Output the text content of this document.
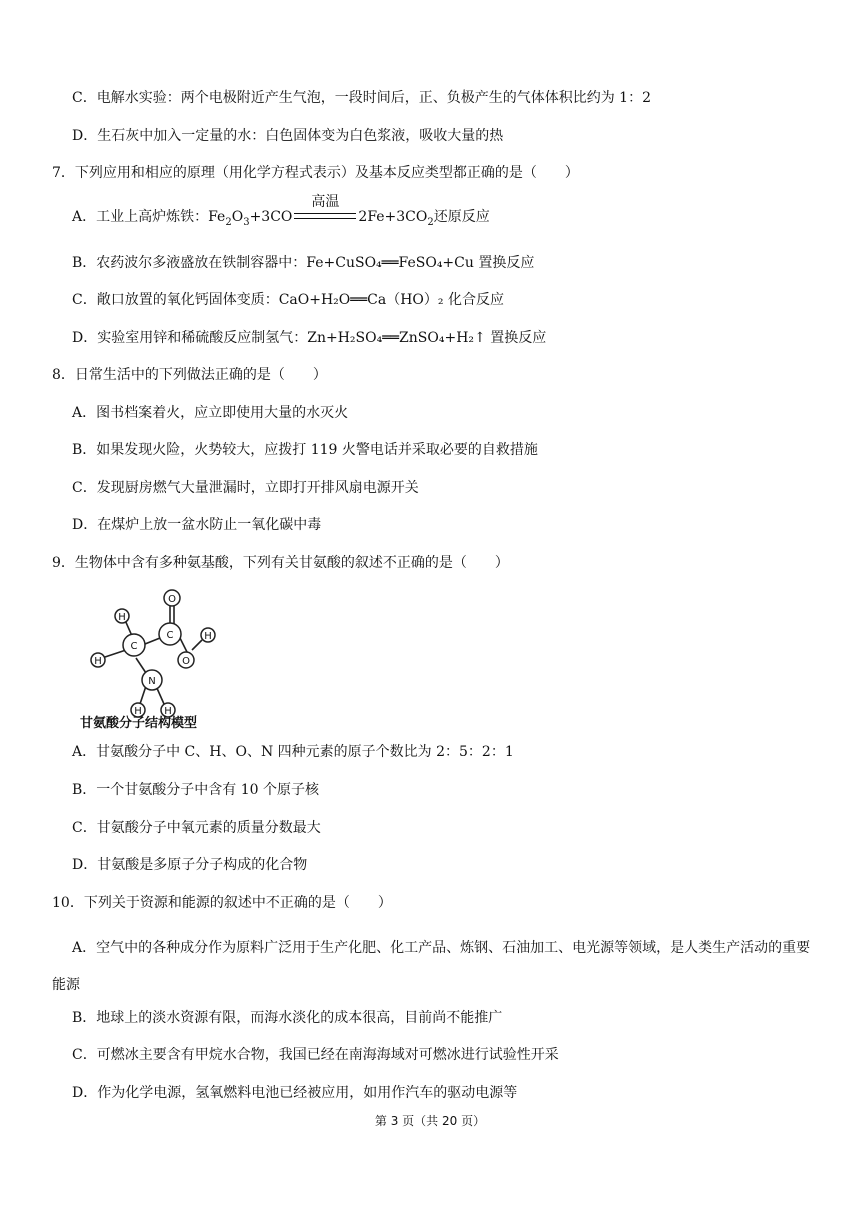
C．电解水实验：两个电极附近产生气泡，一段时间后，正、负极产生的气体体积比约为 1：2
D．生石灰中加入一定量的水：白色固体变为白色浆液，吸收大量的热
7．下列应用和相应的原理（用化学方程式表示）及基本反应类型都正确的是（　　）
A．工业上高炉炼铁：$Fe_2O_3+3CO$
高温
$2Fe+3CO_2$还原反应
B．农药波尔多液盛放在铁制容器中：Fe+CuSO₄══FeSO₄+Cu 置换反应
C．敞口放置的氧化钙固体变质：CaO+H₂O══Ca（HO）₂ 化合反应
D．实验室用锌和稀硫酸反应制氢气：Zn+H₂SO₄══ZnSO₄+H₂↑ 置换反应
8．日常生活中的下列做法正确的是（　　）
A．图书档案着火，应立即使用大量的水灭火
B．如果发现火险，火势较大，应拨打 119 火警电话并采取必要的自救措施
C．发现厨房燃气大量泄漏时，立即打开排风扇电源开关
D．在煤炉上放一盆水防止一氧化碳中毒
9．生物体中含有多种氨基酸，下列有关甘氨酸的叙述不正确的是（　　）
O
H
C
C
O
H
H
N
H H
甘氨酸分子结构模型
A．甘氨酸分子中 C、H、O、N 四种元素的原子个数比为 2：5：2：1
B．一个甘氨酸分子中含有 10 个原子核
C．甘氨酸分子中氧元素的质量分数最大
D．甘氨酸是多原子分子构成的化合物
10．下列关于资源和能源的叙述中不正确的是（　　）
A．空气中的各种成分作为原料广泛用于生产化肥、化工产品、炼钢、石油加工、电光源等领域，是人类生产活动的重要能源
B．地球上的淡水资源有限，而海水淡化的成本很高，目前尚不能推广
C．可燃冰主要含有甲烷水合物，我国已经在南海海域对可燃冰进行试验性开采
D．作为化学电源，氢氧燃料电池已经被应用，如用作汽车的驱动电源等
第 3 页（共 20 页）
